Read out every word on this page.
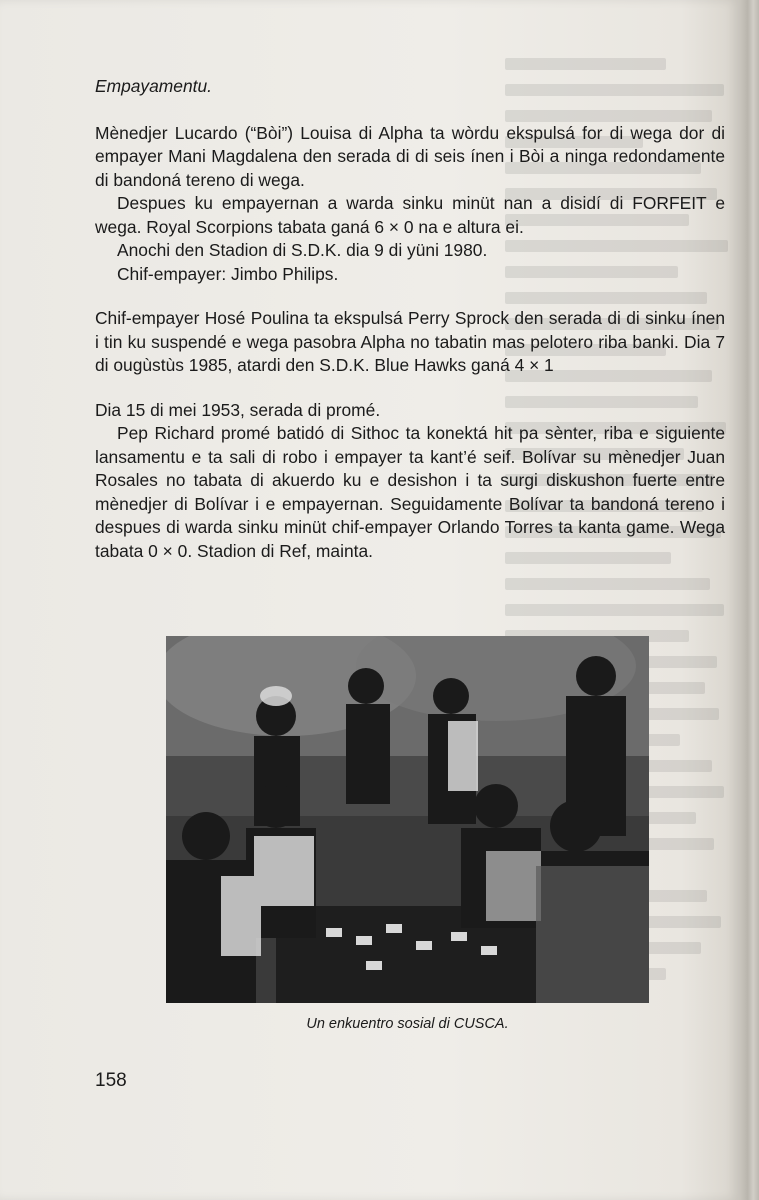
Empayamentu.

Mènedjer Lucardo (“Bòi”) Louisa di Alpha ta wòrdu ekspulsá for di wega dor di empayer Mani Magdalena den serada di di seis ínen i Bòi a ninga redondamente di bandoná tereno di wega.

Despues ku empayernan a warda sinku minüt nan a disidí di FORFEIT e wega. Royal Scorpions tabata ganá 6 × 0 na e altura ei.

Anochi den Stadion di S.D.K. dia 9 di yüni 1980.

Chif-empayer: Jimbo Philips.

Chif-empayer Hosé Poulina ta ekspulsá Perry Sprock den serada di di sinku ínen i tin ku suspendé e wega pasobra Alpha no tabatin mas pelotero riba banki. Dia 7 di ougùstùs 1985, atardi den S.D.K. Blue Hawks ganá 4 × 1

Dia 15 di mei 1953, serada di promé.

Pep Richard promé batidó di Sithoc ta konektá hit pa sènter, riba e siguiente lansamentu e ta sali di robo i empayer ta kant’é seif. Bolívar su mènedjer Juan Rosales no tabata di akuerdo ku e desishon i ta surgi diskushon fuerte entre mènedjer di Bolívar i e empayernan. Seguidamente Bolívar ta bandoná tereno i despues di warda sinku minüt chif-empayer Orlando Torres ta kanta game. Wega tabata 0 × 0. Stadion di Ref, mainta.

Un enkuentro sosial di CUSCA.
158
